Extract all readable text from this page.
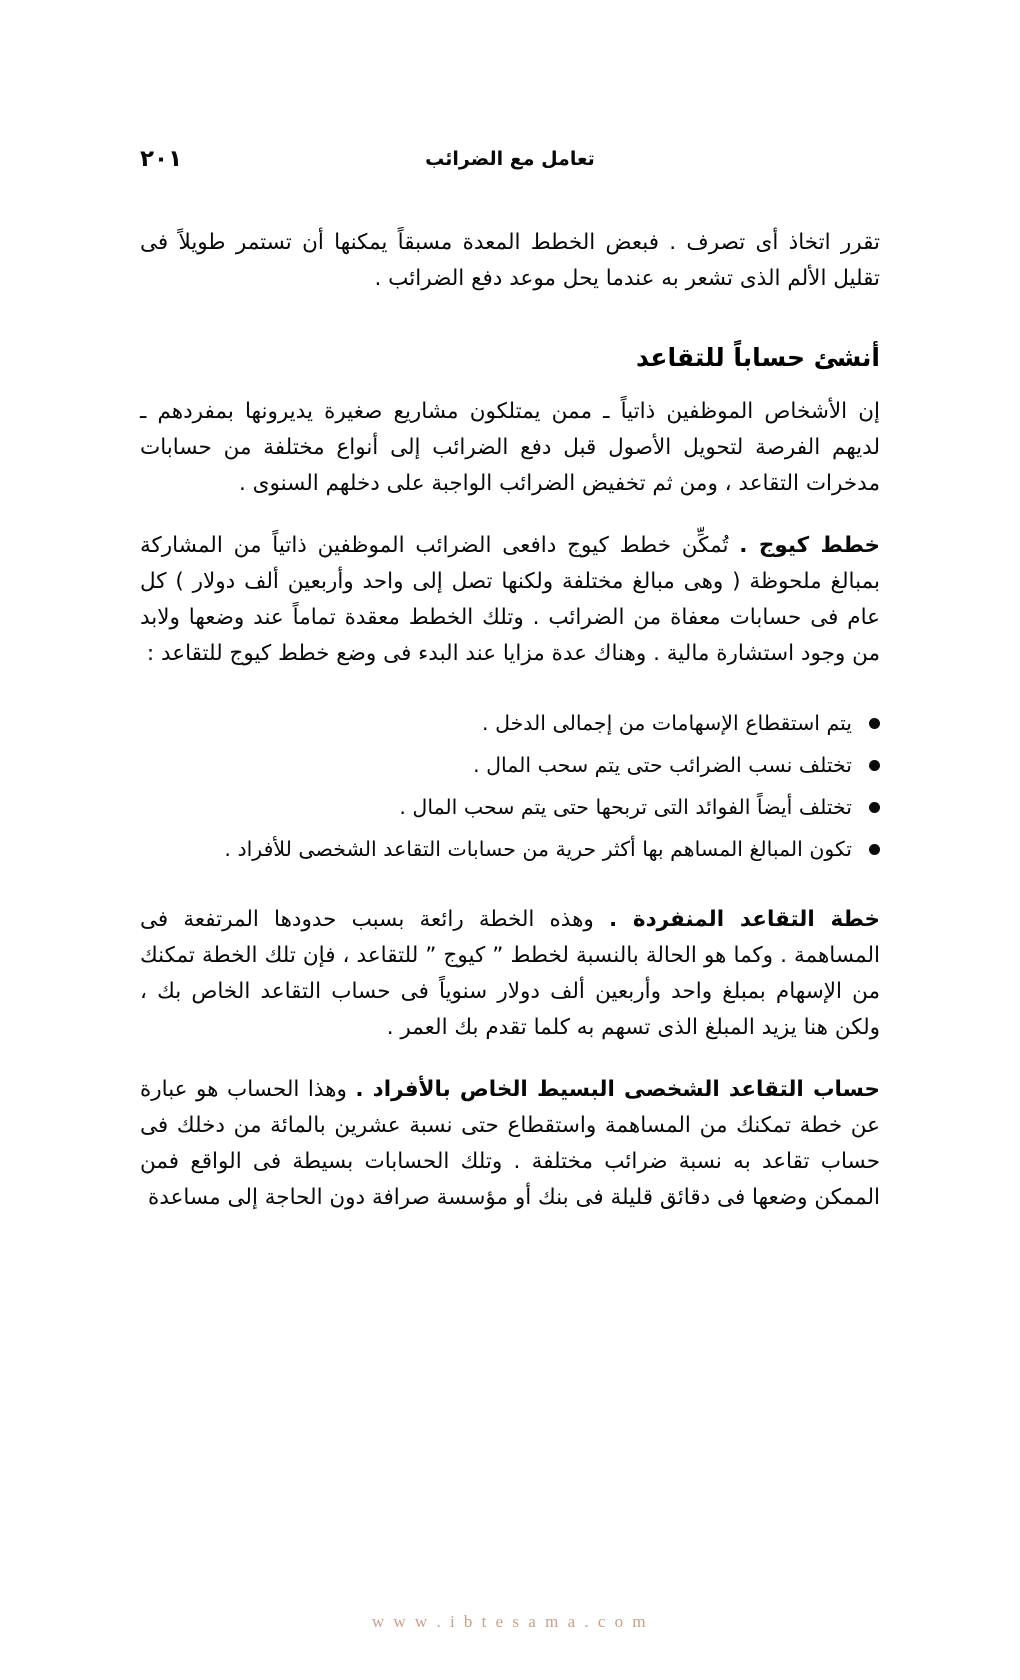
تعامل مع الضرائب
٢٠١

تقرر اتخاذ أى تصرف . فبعض الخطط المعدة مسبقاً يمكنها أن تستمر طويلاً فى تقليل الألم الذى تشعر به عندما يحل موعد دفع الضرائب .

أنشئ حساباً للتقاعد

إن الأشخاص الموظفين ذاتياً ـ ممن يمتلكون مشاريع صغيرة يديرونها بمفردهم ـ لديهم الفرصة لتحويل الأصول قبل دفع الضرائب إلى أنواع مختلفة من حسابات مدخرات التقاعد ، ومن ثم تخفيض الضرائب الواجبة على دخلهم السنوى .

خطط كيوج . تُمكِّن خطط كيوج دافعى الضرائب الموظفين ذاتياً من المشاركة بمبالغ ملحوظة ( وهى مبالغ مختلفة ولكنها تصل إلى واحد وأربعين ألف دولار ) كل عام فى حسابات معفاة من الضرائب . وتلك الخطط معقدة تماماً عند وضعها ولابد من وجود استشارة مالية . وهناك عدة مزايا عند البدء فى وضع خطط كيوج للتقاعد :

يتم استقطاع الإسهامات من إجمالى الدخل .
تختلف نسب الضرائب حتى يتم سحب المال .
تختلف أيضاً الفوائد التى تربحها حتى يتم سحب المال .
تكون المبالغ المساهم بها أكثر حرية من حسابات التقاعد الشخصى للأفراد .

خطة التقاعد المنفردة . وهذه الخطة رائعة بسبب حدودها المرتفعة فى المساهمة . وكما هو الحالة بالنسبة لخطط ” كيوج ” للتقاعد ، فإن تلك الخطة تمكنك من الإسهام بمبلغ واحد وأربعين ألف دولار سنوياً فى حساب التقاعد الخاص بك ، ولكن هنا يزيد المبلغ الذى تسهم به كلما تقدم بك العمر .

حساب التقاعد الشخصى البسيط الخاص بالأفراد . وهذا الحساب هو عبارة عن خطة تمكنك من المساهمة واستقطاع حتى نسبة عشرين بالمائة من دخلك فى حساب تقاعد به نسبة ضرائب مختلفة . وتلك الحسابات بسيطة فى الواقع فمن الممكن وضعها فى دقائق قليلة فى بنك أو مؤسسة صرافة دون الحاجة إلى مساعدة

w w w . i b t e s a m a . c o m
